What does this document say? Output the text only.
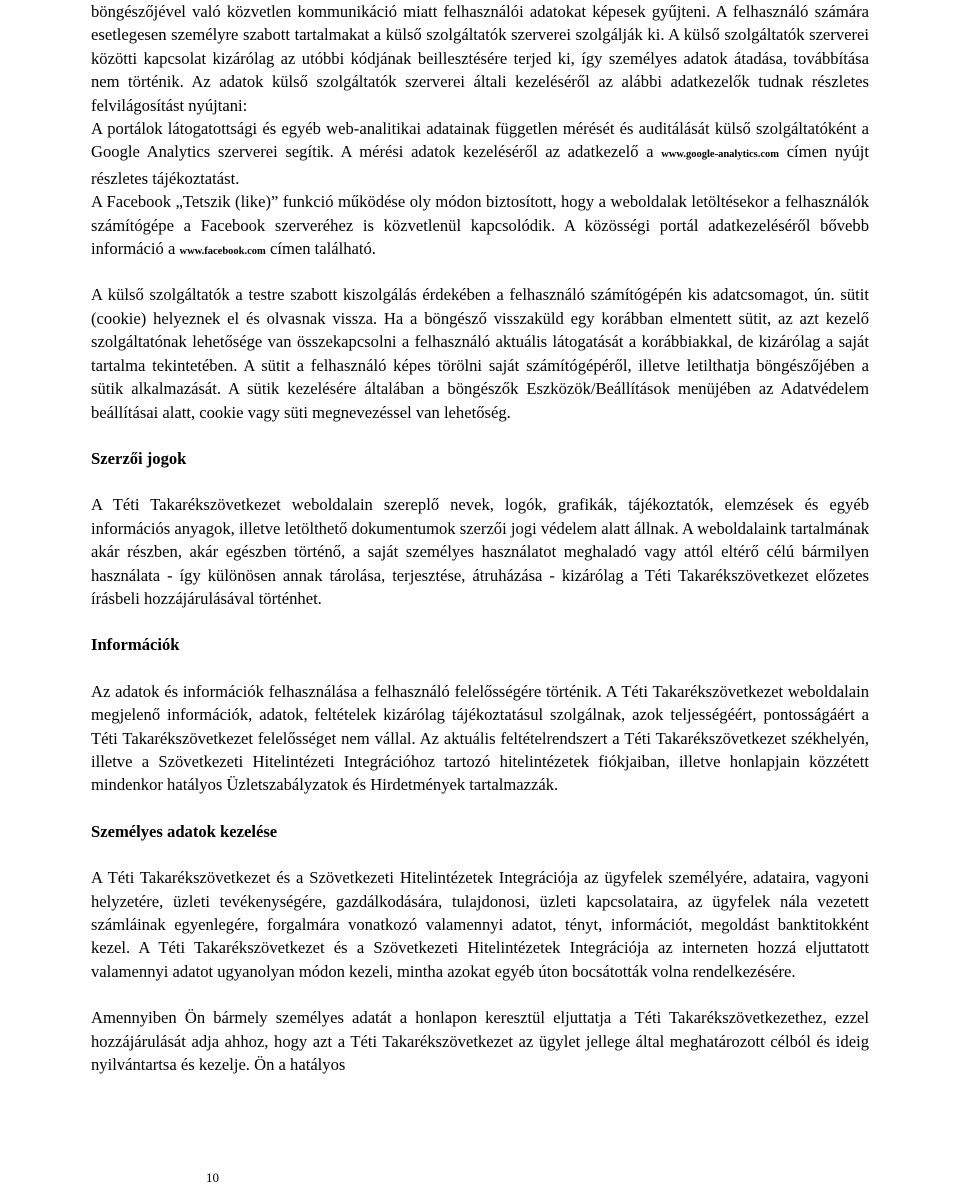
böngészőjével való közvetlen kommunikáció miatt felhasználói adatokat képesek gyűjteni. A felhasználó számára esetlegesen személyre szabott tartalmakat a külső szolgáltatók szerverei szolgálják ki. A külső szolgáltatók szerverei közötti kapcsolat kizárólag az utóbbi kódjának beillesztésére terjed ki, így személyes adatok átadása, továbbítása nem történik. Az adatok külső szolgáltatók szerverei általi kezeléséről az alábbi adatkezelők tudnak részletes felvilágosítást nyújtani:

A portálok látogatottsági és egyéb web-analitikai adatainak független mérését és auditálását külső szolgáltatóként a Google Analytics szerverei segítik. A mérési adatok kezeléséről az adatkezelő a www.google-analytics.com címen nyújt részletes tájékoztatást.

A Facebook „Tetszik (like)” funkció működése oly módon biztosított, hogy a weboldalak letöltésekor a felhasználók számítógépe a Facebook szerveréhez is közvetlenül kapcsolódik. A közösségi portál adatkezeléséről bővebb információ a www.facebook.com címen található.

A külső szolgáltatók a testre szabott kiszolgálás érdekében a felhasználó számítógépén kis adatcsomagot, ún. sütit (cookie) helyeznek el és olvasnak vissza. Ha a böngésző visszaküld egy korábban elmentett sütit, az azt kezelő szolgáltatónak lehetősége van összekapcsolni a felhasználó aktuális látogatását a korábbiakkal, de kizárólag a saját tartalma tekintetében. A sütit a felhasználó képes törölni saját számítógépéről, illetve letilthatja böngészőjében a sütik alkalmazását. A sütik kezelésére általában a böngészők Eszközök/Beállítások menüjében az Adatvédelem beállításai alatt, cookie vagy süti megnevezéssel van lehetőség.

Szerzői jogok

A Téti Takarékszövetkezet weboldalain szereplő nevek, logók, grafikák, tájékoztatók, elemzések és egyéb információs anyagok, illetve letölthető dokumentumok szerzői jogi védelem alatt állnak. A weboldalaink tartalmának akár részben, akár egészben történő, a saját személyes használatot meghaladó vagy attól eltérő célú bármilyen használata - így különösen annak tárolása, terjesztése, átruházása - kizárólag a Téti Takarékszövetkezet előzetes írásbeli hozzájárulásával történhet.

Információk

Az adatok és információk felhasználása a felhasználó felelősségére történik. A Téti Takarékszövetkezet weboldalain megjelenő információk, adatok, feltételek kizárólag tájékoztatásul szolgálnak, azok teljességéért, pontosságáért a Téti Takarékszövetkezet felelősséget nem vállal. Az aktuális feltételrendszert a Téti Takarékszövetkezet székhelyén, illetve a Szövetkezeti Hitelintézeti Integrációhoz tartozó hitelintézetek fiókjaiban, illetve honlapjain közzétett mindenkor hatályos Üzletszabályzatok és Hirdetmények tartalmazzák.

Személyes adatok kezelése

A Téti Takarékszövetkezet és a Szövetkezeti Hitelintézetek Integrációja az ügyfelek személyére, adataira, vagyoni helyzetére, üzleti tevékenységére, gazdálkodására, tulajdonosi, üzleti kapcsolataira, az ügyfelek nála vezetett számláinak egyenlegére, forgalmára vonatkozó valamennyi adatot, tényt, információt, megoldást banktitokként kezel. A Téti Takarékszövetkezet és a Szövetkezeti Hitelintézetek Integrációja az interneten hozzá eljuttatott valamennyi adatot ugyanolyan módon kezeli, mintha azokat egyéb úton bocsátották volna rendelkezésére.

Amennyiben Ön bármely személyes adatát a honlapon keresztül eljuttatja a Téti Takarékszövetkezethez, ezzel hozzájárulását adja ahhoz, hogy azt a Téti Takarékszövetkezet az ügylet jellege által meghatározott célból és ideig nyilvántartsa és kezelje. Ön a hatályos

10
